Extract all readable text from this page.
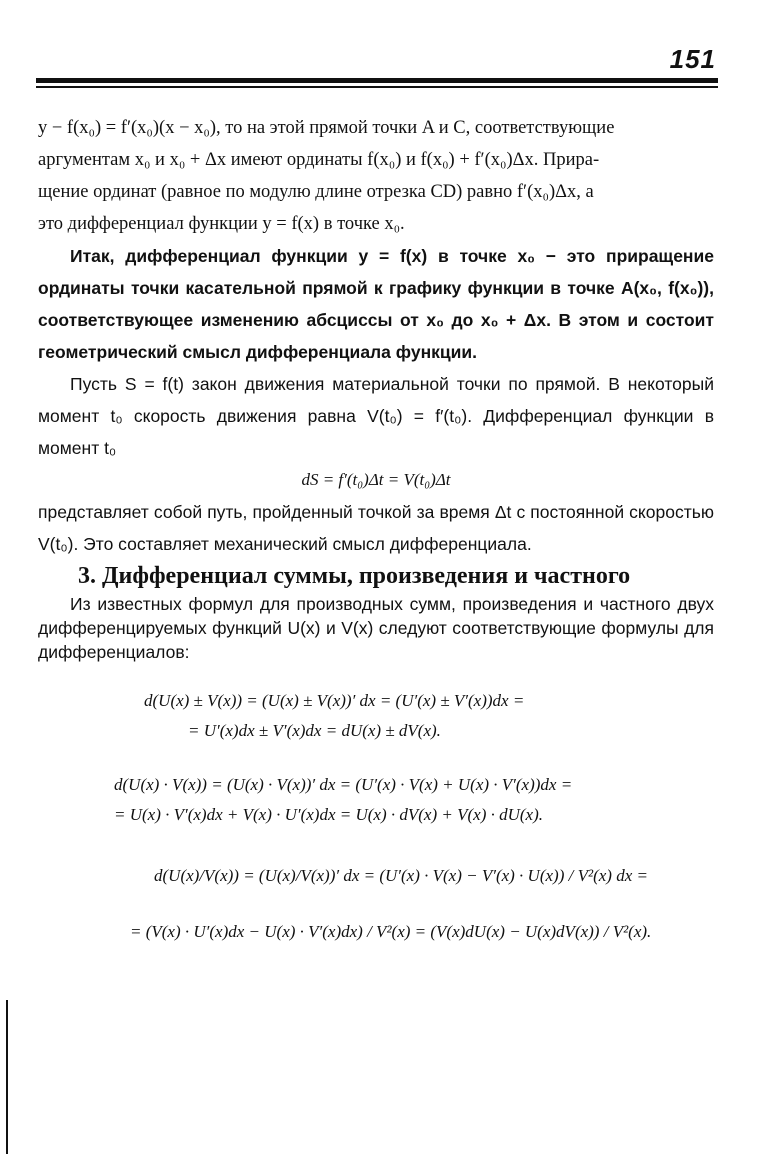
151

y − f(x₀) = f′(x₀)(x − x₀), то на этой прямой точки A и C, соответствующие

аргументам x₀ и x₀ + Δx имеют ординаты f(x₀) и f(x₀) + f′(x₀)Δx. Прира-

щение ординат (равное по модулю длине отрезка CD) равно f′(x₀)Δx, а

это дифференциал функции y = f(x) в точке x₀.

Итак, дифференциал функции y = f(x) в точке x₀ − это приращение ординаты точки касательной прямой к графику функции в точке A(x₀, f(x₀)), соответствующее изменению абсциссы от x₀ до x₀ + Δx. В этом и состоит геометрический смысл дифференциала функции.

Пусть S = f(t) закон движения материальной точки по прямой. В некоторый момент t₀ скорость движения равна V(t₀) = f′(t₀). Дифференциал функции в момент t₀

dS = f′(t₀)Δt = V(t₀)Δt

представляет собой путь, пройденный точкой за время Δt с постоянной скоростью V(t₀). Это составляет механический смысл дифференциала.

3. Дифференциал суммы, произведения и частного

Из известных формул для производных сумм, произведения и частного двух дифференцируемых функций U(x) и V(x) следуют соответствующие формулы для дифференциалов:

d(U(x) ± V(x)) = (U(x) ± V(x))′ dx = (U′(x) ± V′(x))dx =
= U′(x)dx ± V′(x)dx = dU(x) ± dV(x).
d(U(x) · V(x)) = (U(x) · V(x))′ dx = (U′(x) · V(x) + U(x) · V′(x))dx =
= U(x) · V′(x)dx + V(x) · U′(x)dx = U(x) · dV(x) + V(x) · dU(x).
d(U(x)/V(x)) = (U(x)/V(x))′ dx = (U′(x) · V(x) − V′(x) · U(x)) / V²(x) dx =
= (V(x) · U′(x)dx − U(x) · V′(x)dx) / V²(x) = (V(x)dU(x) − U(x)dV(x)) / V²(x).
